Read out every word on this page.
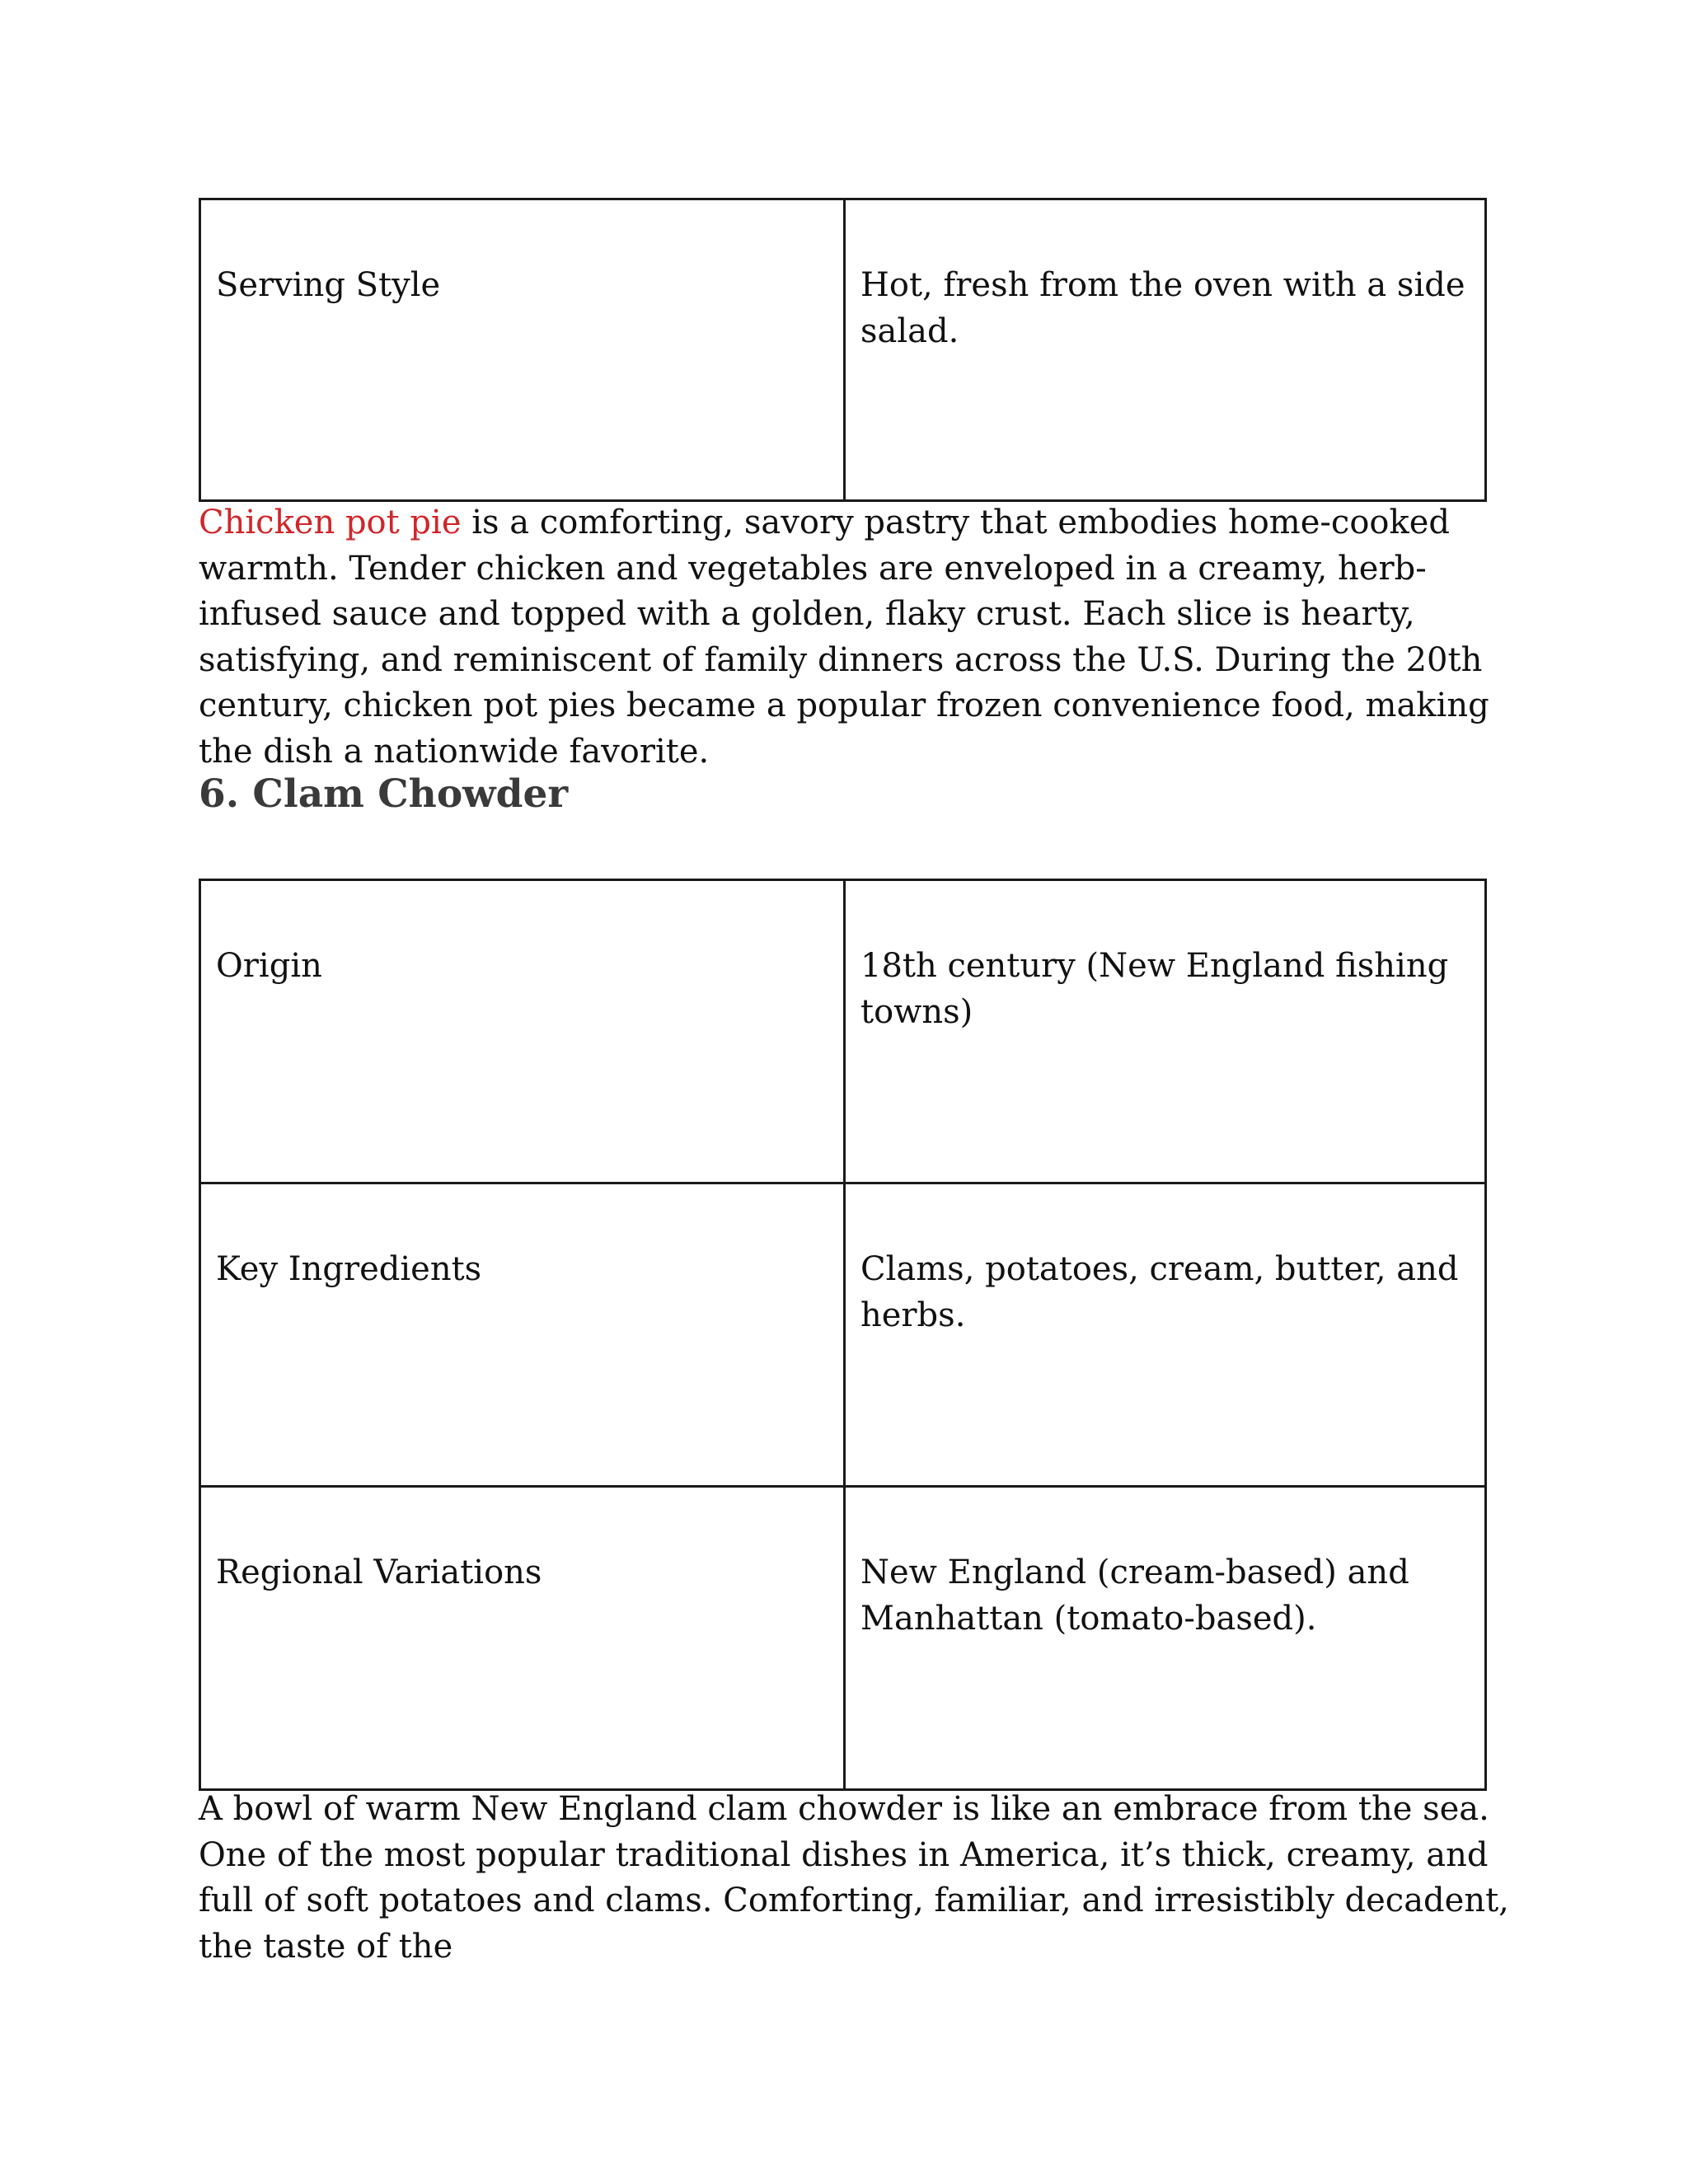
Serving Style	Hot, fresh from the oven with a side salad.

Chicken pot pie is a comforting, savory pastry that embodies home-cooked warmth. Tender chicken and vegetables are enveloped in a creamy, herb-infused sauce and topped with a golden, flaky crust. Each slice is hearty, satisfying, and reminiscent of family dinners across the U.S. During the 20th century, chicken pot pies became a popular frozen convenience food, making the dish a nationwide favorite.

6. Clam Chowder
Origin	18th century (New England fishing towns)
Key Ingredients	Clams, potatoes, cream, butter, and herbs.
Regional Variations	New England (cream-based) and Manhattan (tomato-based).

A bowl of warm New England clam chowder is like an embrace from the sea. One of the most popular traditional dishes in America, it’s thick, creamy, and full of soft potatoes and clams. Comforting, familiar, and irresistibly decadent, the taste of the
